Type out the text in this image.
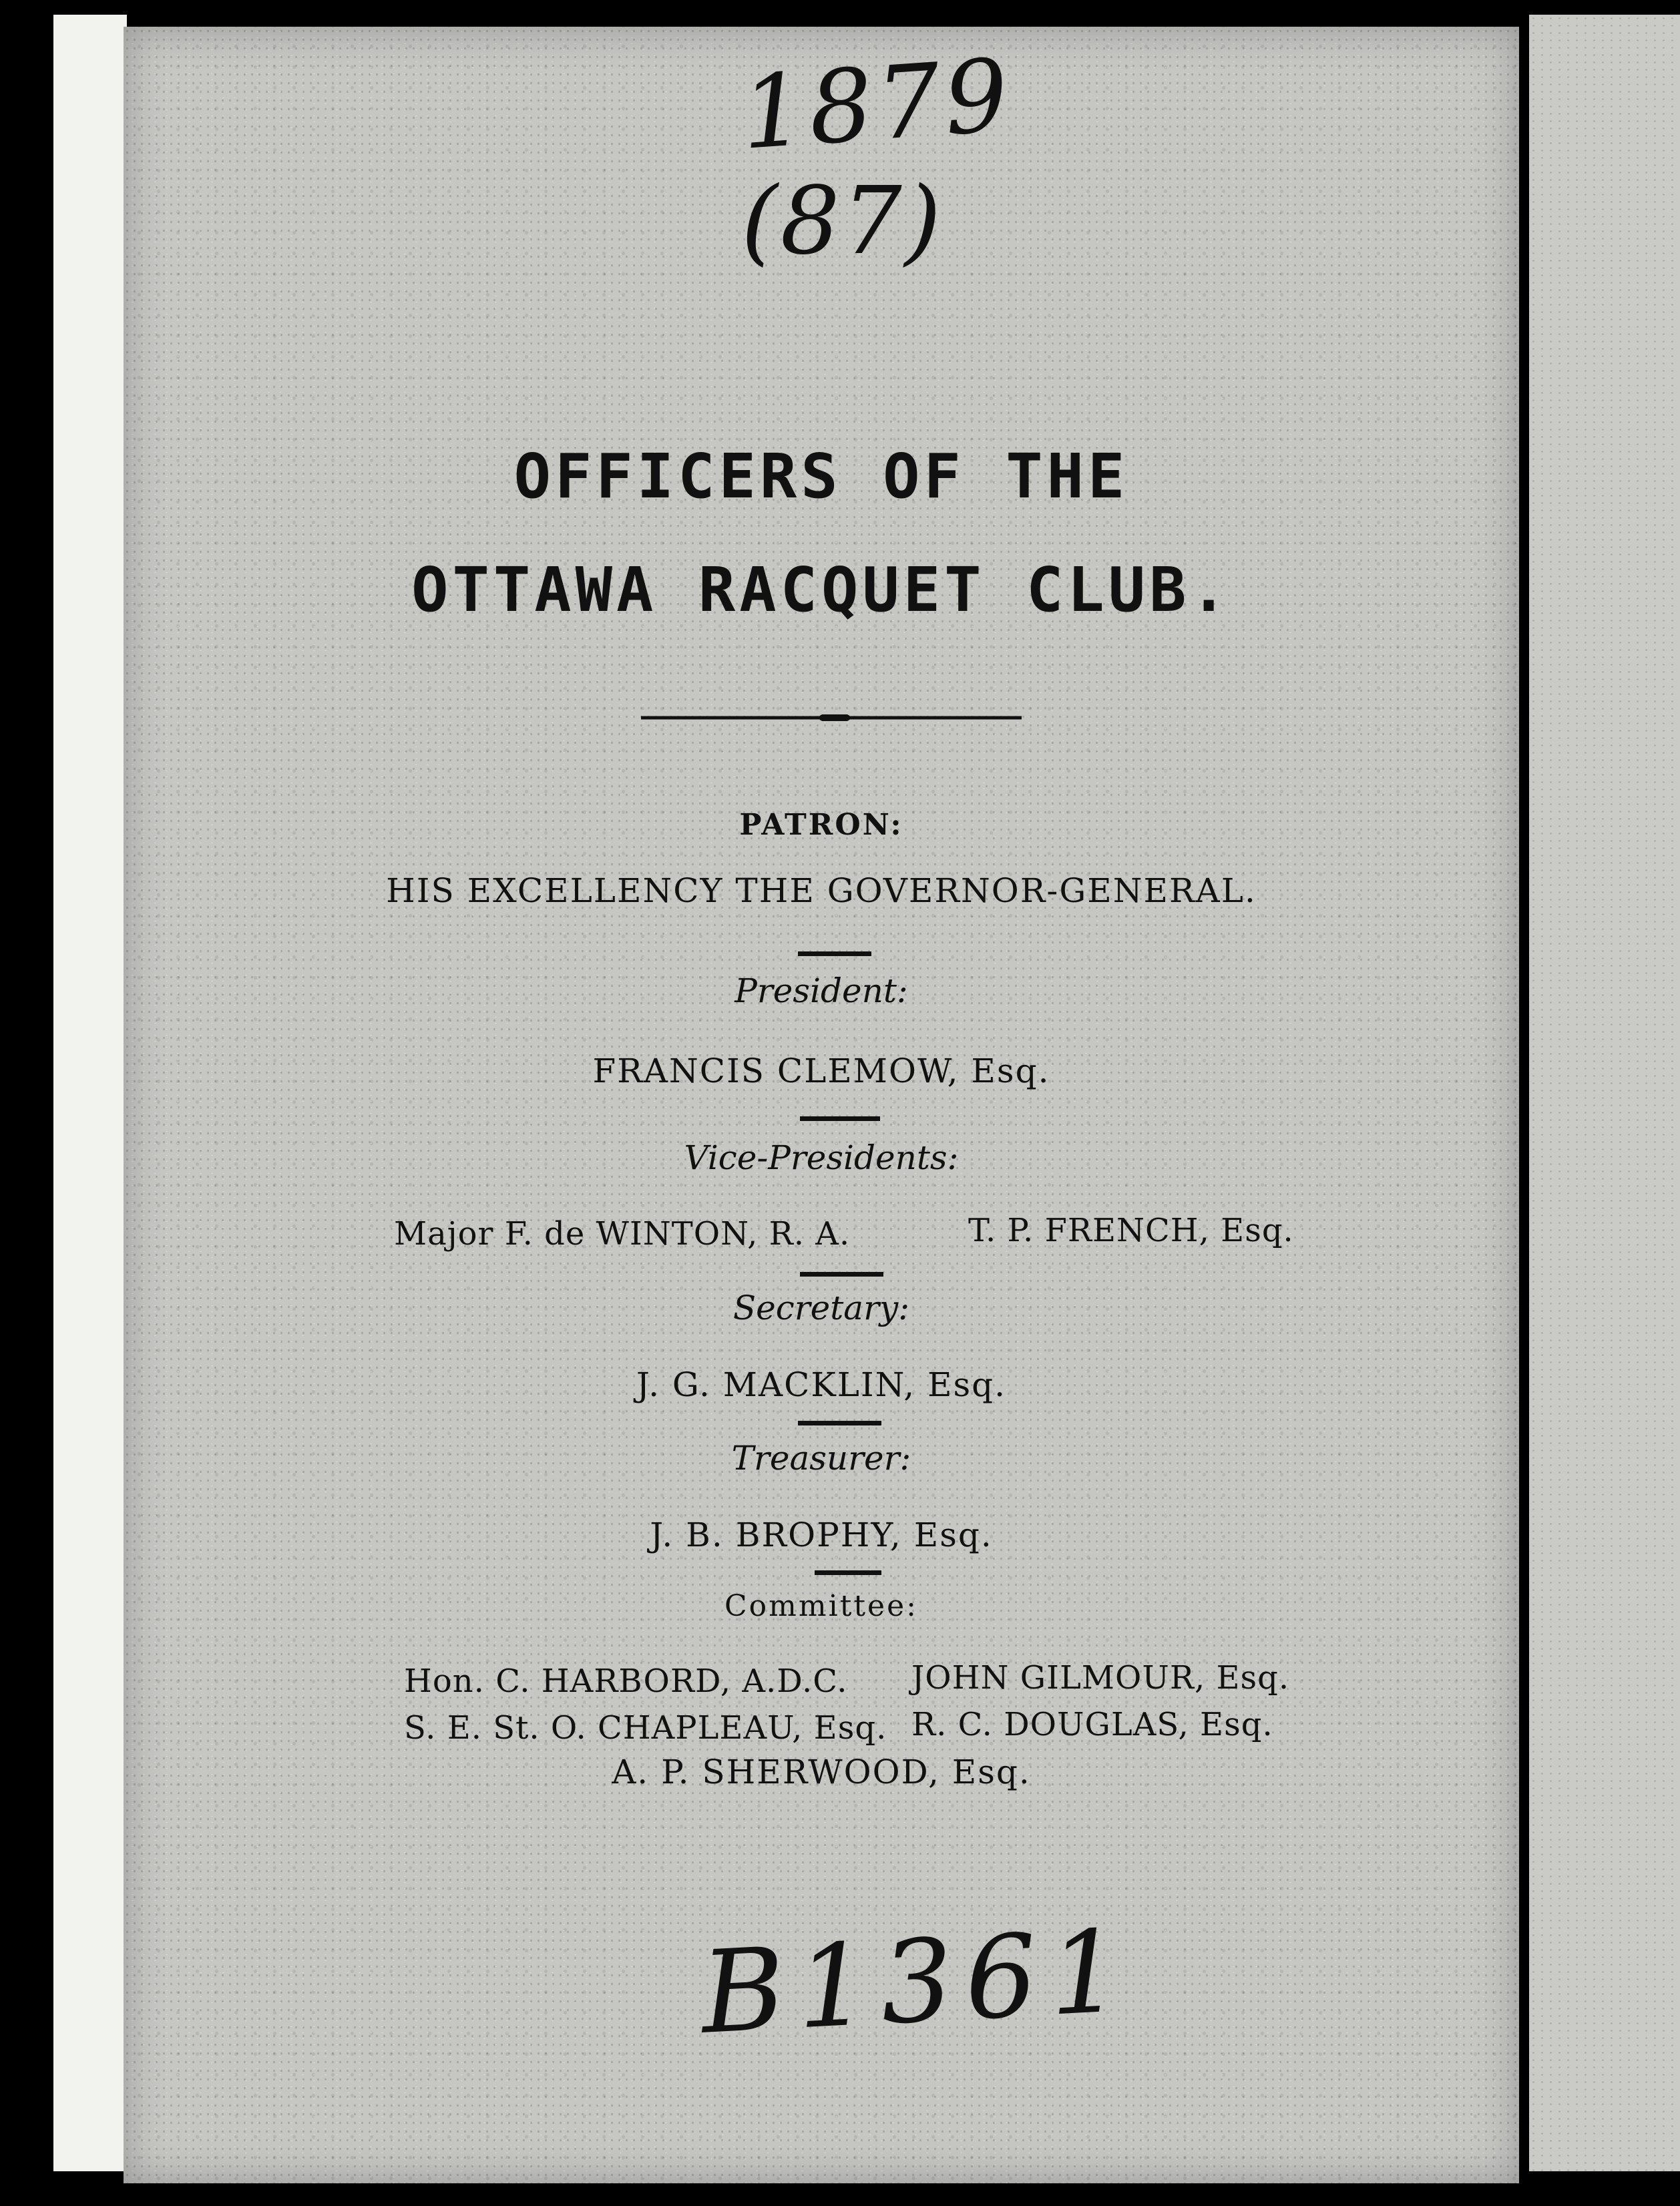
1879
(87)
OFFICERS OF THE
OTTAWA RACQUET CLUB.
PATRON:
HIS EXCELLENCY THE GOVERNOR-GENERAL.
President:
FRANCIS CLEMOW, Esq.
Vice-Presidents:
Major F. de WINTON, R. A.	T. P. FRENCH, Esq.
Secretary:
J. G. MACKLIN, Esq.
Treasurer:
J. B. BROPHY, Esq.
Committee:
Hon. C. HARBORD, A.D.C. JOHN GILMOUR, Esq.
S. E. St. O. CHAPLEAU, Esq. R. C. DOUGLAS, Esq.
A. P. SHERWOOD, Esq.
B1361
